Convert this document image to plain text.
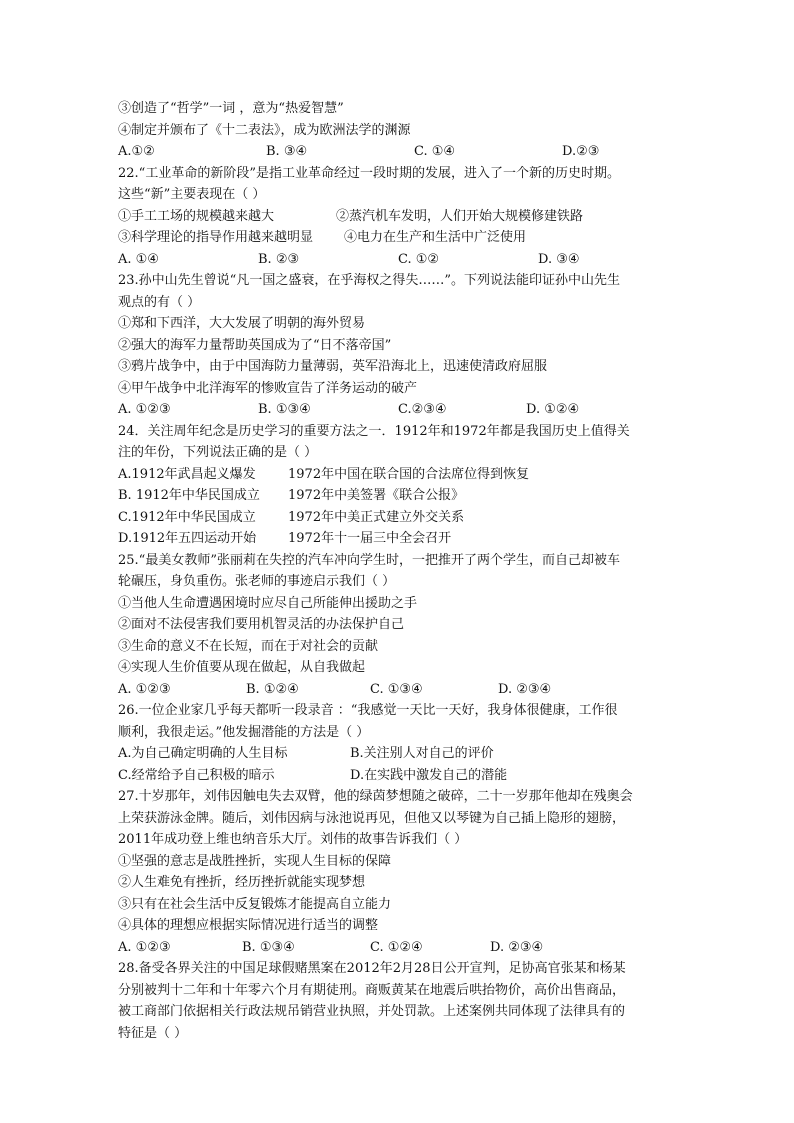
③创造了“哲学”一词 ，意为“热爱智慧”
④制定并颁布了《十二表法》，成为欧洲法学的渊源
A.①②	B. ③④	C. ①④	D.②③
22.“工业革命的新阶段”是指工业革命经过一段时期的发展，进入了一个新的历史时期。
这些“新”主要表现在（ ）
①手工工场的规模越来越大	②蒸汽机车发明，人们开始大规模修建铁路
③科学理论的指导作用越来越明显	④电力在生产和生活中广泛使用
A. ①④	B. ②③	C. ①②	D. ③④
23.孙中山先生曾说“凡一国之盛衰，在乎海权之得失……”。下列说法能印证孙中山先生
观点的有（ ）
①郑和下西洋，大大发展了明朝的海外贸易
②强大的海军力量帮助英国成为了“日不落帝国”
③鸦片战争中，由于中国海防力量薄弱，英军沿海北上，迅速使清政府屈服
④甲午战争中北洋海军的惨败宣告了洋务运动的破产
A. ①②③	B. ①③④	C.②③④	D. ①②④
24．关注周年纪念是历史学习的重要方法之一．1912年和1972年都是我国历史上值得关
注的年份，下列说法正确的是（ ）
A.1912年武昌起义爆发	1972年中国在联合国的合法席位得到恢复
B. 1912年中华民国成立	1972年中美签署《联合公报》
C.1912年中华民国成立	1972年中美正式建立外交关系
D.1912年五四运动开始	1972年十一届三中全会召开
25.“最美女教师”张丽莉在失控的汽车冲向学生时，一把推开了两个学生，而自己却被车
轮碾压，身负重伤。张老师的事迹启示我们（ ）
①当他人生命遭遇困境时应尽自己所能伸出援助之手
②面对不法侵害我们要用机智灵活的办法保护自己
③生命的意义不在长短，而在于对社会的贡献
④实现人生价值要从现在做起，从自我做起
A. ①②③	B. ①②④	C. ①③④	D. ②③④
26.一位企业家几乎每天都听一段录音 ：“我感觉一天比一天好，我身体很健康，工作很
顺利，我很走运。”他发掘潜能的方法是（ ）
A.为自己确定明确的人生目标	B.关注别人对自己的评价
C.经常给予自己积极的暗示	D.在实践中激发自己的潜能
27.十岁那年，刘伟因触电失去双臂，他的绿茵梦想随之破碎，二十一岁那年他却在残奥会
上荣获游泳金牌。随后，刘伟因病与泳池说再见，但他又以琴键为自己插上隐形的翅膀，
2011年成功登上维也纳音乐大厅。刘伟的故事告诉我们（ ）
①坚强的意志是战胜挫折，实现人生目标的保障
②人生难免有挫折，经历挫折就能实现梦想
③只有在社会生活中反复锻炼才能提高自立能力
④具体的理想应根据实际情况进行适当的调整
A. ①②③	B. ①③④	C. ①②④	D. ②③④
28.备受各界关注的中国足球假赌黑案在2012年2月28日公开宣判，足协高官张某和杨某
分别被判十二年和十年零六个月有期徒刑。商贩黄某在地震后哄抬物价，高价出售商品，
被工商部门依据相关行政法规吊销营业执照，并处罚款。上述案例共同体现了法律具有的
特征是（ ）
